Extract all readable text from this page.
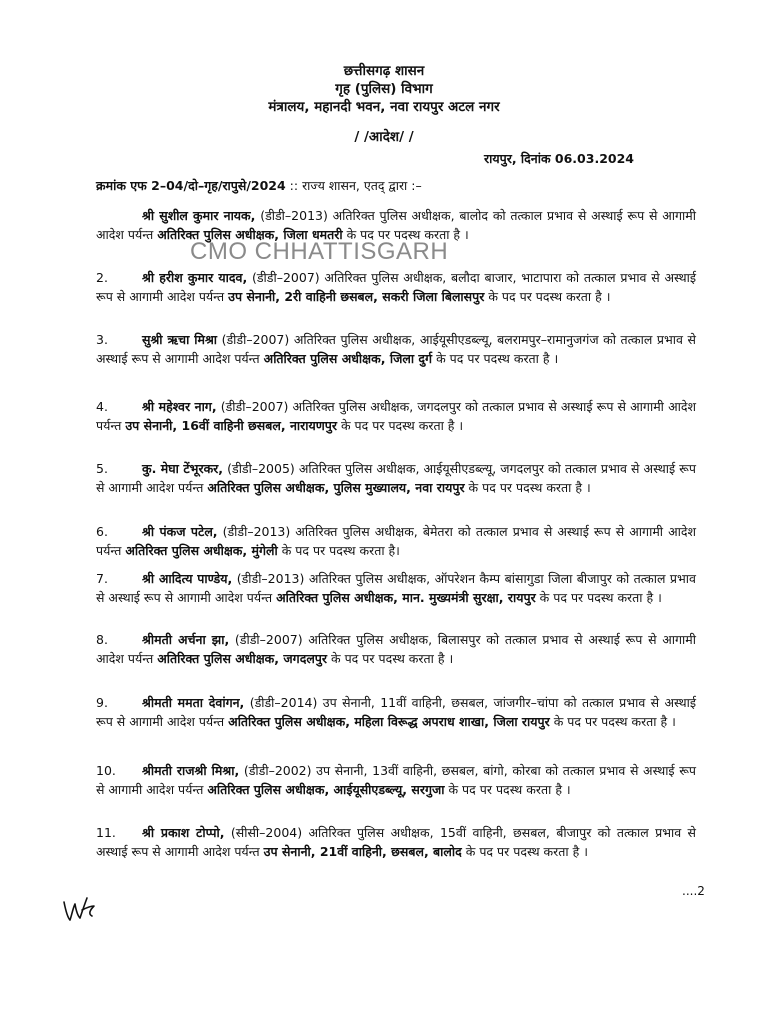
छत्तीसगढ़ शासन
गृह (पुलिस) विभाग
मंत्रालय, महानदी भवन, नवा रायपुर अटल नगर
/ /आदेश/ /
रायपुर, दिनांक 06.03.2024
क्रमांक एफ 2–04/दो–गृह/रापुसे/2024 :: राज्य शासन, एतद् द्वारा :–
CMO CHHATTISGARH
श्री सुशील कुमार नायक, (डीडी–2013) अतिरिक्त पुलिस अधीक्षक, बालोद को तत्काल प्रभाव से अस्थाई रूप से आगामी आदेश पर्यन्त अतिरिक्त पुलिस अधीक्षक, जिला धमतरी के पद पर पदस्थ करता है ।
2.	श्री हरीश कुमार यादव, (डीडी–2007) अतिरिक्त पुलिस अधीक्षक, बलौदा बाजार, भाटापारा को तत्काल प्रभाव से अस्थाई रूप से आगामी आदेश पर्यन्त उप सेनानी, 2री वाहिनी छसबल, सकरी जिला बिलासपुर के पद पर पदस्थ करता है ।
3.	सुश्री ऋचा मिश्रा (डीडी–2007) अतिरिक्त पुलिस अधीक्षक, आईयूसीएडब्ल्यू, बलरामपुर–रामानुजगंज को तत्काल प्रभाव से अस्थाई रूप से आगामी आदेश पर्यन्त अतिरिक्त पुलिस अधीक्षक, जिला दुर्ग के पद पर पदस्थ करता है ।
4.	श्री महेश्वर नाग, (डीडी–2007) अतिरिक्त पुलिस अधीक्षक, जगदलपुर को तत्काल प्रभाव से अस्थाई रूप से आगामी आदेश पर्यन्त उप सेनानी, 16वीं वाहिनी छसबल, नारायणपुर के पद पर पदस्थ करता है ।
5.	कु. मेघा टेंभूरकर, (डीडी–2005) अतिरिक्त पुलिस अधीक्षक, आईयूसीएडब्ल्यू, जगदलपुर को तत्काल प्रभाव से अस्थाई रूप से आगामी आदेश पर्यन्त अतिरिक्त पुलिस अधीक्षक, पुलिस मुख्यालय, नवा रायपुर के पद पर पदस्थ करता है ।
6.	श्री पंकज पटेल, (डीडी–2013) अतिरिक्त पुलिस अधीक्षक, बेमेतरा को तत्काल प्रभाव से अस्थाई रूप से आगामी आदेश पर्यन्त अतिरिक्त पुलिस अधीक्षक, मुंगेली के पद पर पदस्थ करता है।
7.	श्री आदित्य पाण्डेय, (डीडी–2013) अतिरिक्त पुलिस अधीक्षक, ऑपरेशन कैम्प बांसागुडा जिला बीजापुर को तत्काल प्रभाव से अस्थाई रूप से आगामी आदेश पर्यन्त अतिरिक्त पुलिस अधीक्षक, मान. मुख्यमंत्री सुरक्षा, रायपुर के पद पर पदस्थ करता है ।
8.	श्रीमती अर्चना झा, (डीडी–2007) अतिरिक्त पुलिस अधीक्षक, बिलासपुर को तत्काल प्रभाव से अस्थाई रूप से आगामी आदेश पर्यन्त अतिरिक्त पुलिस अधीक्षक, जगदलपुर के पद पर पदस्थ करता है ।
9.	श्रीमती ममता देवांगन, (डीडी–2014) उप सेनानी, 11वीं वाहिनी, छसबल, जांजगीर–चांपा को तत्काल प्रभाव से अस्थाई रूप से आगामी आदेश पर्यन्त अतिरिक्त पुलिस अधीक्षक, महिला विरूद्ध अपराध शाखा, जिला रायपुर के पद पर पदस्थ करता है ।
10. श्रीमती राजश्री मिश्रा, (डीडी–2002) उप सेनानी, 13वीं वाहिनी, छसबल, बांगो, कोरबा को तत्काल प्रभाव से अस्थाई रूप से आगामी आदेश पर्यन्त अतिरिक्त पुलिस अधीक्षक, आईयूसीएडब्ल्यू, सरगुजा के पद पर पदस्थ करता है ।
11. श्री प्रकाश टोप्पो, (सीसी–2004) अतिरिक्त पुलिस अधीक्षक, 15वीं वाहिनी, छसबल, बीजापुर को तत्काल प्रभाव से अस्थाई रूप से आगामी आदेश पर्यन्त उप सेनानी, 21वीं वाहिनी, छसबल, बालोद के पद पर पदस्थ करता है ।
....2
